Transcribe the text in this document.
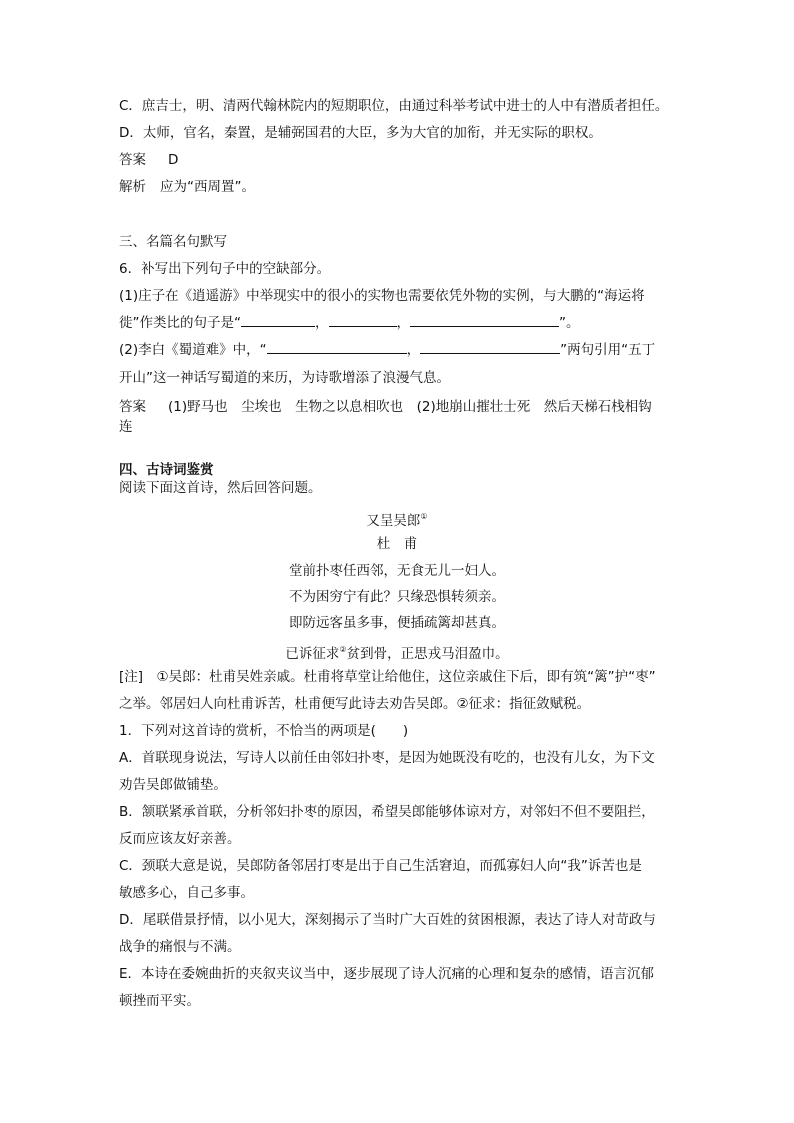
C．庶吉士，明、清两代翰林院内的短期职位，由通过科举考试中进士的人中有潜质者担任。
D．太师，官名，秦置，是辅弼国君的大臣，多为大官的加衔，并无实际的职权。
答案 D
解析 应为“西周置”。
三、名篇名句默写
6．补写出下列句子中的空缺部分。
(1)庄子在《逍遥游》中举现实中的很小的实物也需要依凭外物的实例，与大鹏的“海运将
徙”作类比的句子是“	，	，	”。
(2)李白《蜀道难》中，“	，	”两句引用“五丁
开山”这一神话写蜀道的来历，为诗歌增添了浪漫气息。
答案 (1)野马也　尘埃也　生物之以息相吹也　(2)地崩山摧壮士死　然后天梯石栈相钩
连
四、古诗词鉴赏
阅读下面这首诗，然后回答问题。
又呈吴郎①
杜　甫
堂前扑枣任西邻，无食无儿一妇人。
不为困穷宁有此？只缘恐惧转须亲。
即防远客虽多事，便插疏篱却甚真。
已诉征求②贫到骨，正思戎马泪盈巾。
[注]　①吴郎：杜甫吴姓亲戚。杜甫将草堂让给他住，这位亲戚住下后，即有筑“篱”护“枣”
之举。邻居妇人向杜甫诉苦，杜甫便写此诗去劝告吴郎。②征求：指征敛赋税。
1．下列对这首诗的赏析，不恰当的两项是(　　)
A．首联现身说法，写诗人以前任由邻妇扑枣，是因为她既没有吃的，也没有儿女，为下文
劝告吴郎做铺垫。
B．颔联紧承首联，分析邻妇扑枣的原因，希望吴郎能够体谅对方，对邻妇不但不要阻拦，
反而应该友好亲善。
C．颈联大意是说，吴郎防备邻居打枣是出于自己生活窘迫，而孤寡妇人向“我”诉苦也是
敏感多心，自己多事。
D．尾联借景抒情，以小见大，深刻揭示了当时广大百姓的贫困根源，表达了诗人对苛政与
战争的痛恨与不满。
E．本诗在委婉曲折的夹叙夹议当中，逐步展现了诗人沉痛的心理和复杂的感情，语言沉郁
顿挫而平实。
